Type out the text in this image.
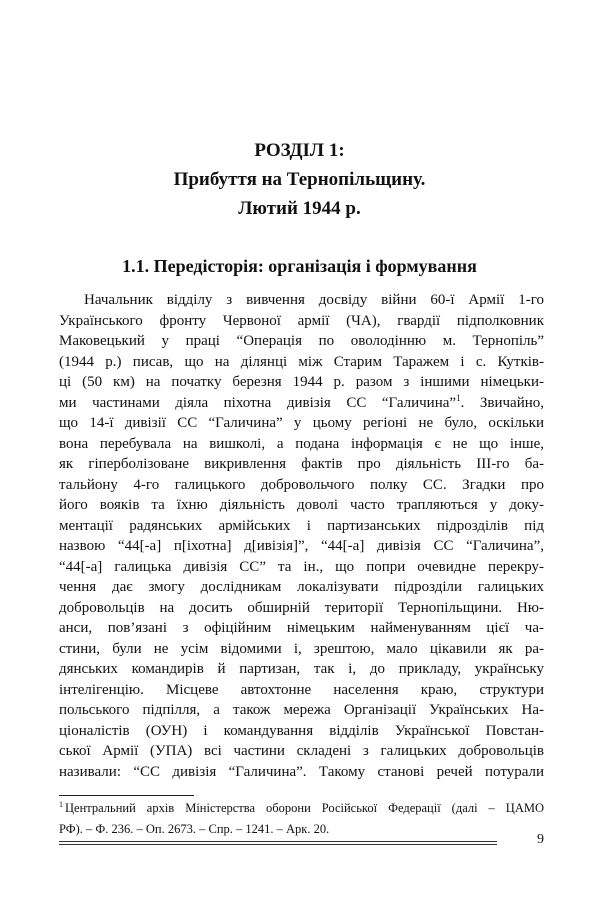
РОЗДІЛ 1:
Прибуття на Тернопільщину.
Лютий 1944 р.
1.1. Передісторія: організація і формування
Начальник відділу з вивчення досвіду війни 60-ї Армії 1-го
Українського фронту Червоної армії (ЧА), гвардії підполковник
Маковецький у праці “Операція по оволодінню м. Тернопіль”
(1944 р.) писав, що на ділянці між Старим Таражем і с. Кутків-
ці (50 км) на початку березня 1944 р. разом з іншими німецьки-
ми частинами діяла піхотна дивізія СС “Галичина”$^1$. Звичайно,
що 14-ї дивізії СС “Галичина” у цьому регіоні не було, оскільки
вона перебувала на вишколі, а подана інформація є не що інше,
як гіперболізоване викривлення фактів про діяльність ІІІ-го ба-
тальйону 4-го галицького добровольчого полку СС. Згадки про
його вояків та їхню діяльність доволі часто трапляються у доку-
ментації радянських армійських і партизанських підрозділів під
назвою “44[-а] п[іхотна] д[ивізія]”, “44[-а] дивізія СС “Галичина”,
“44[-а] галицька дивізія СС” та ін., що попри очевидне перекру-
чення дає змогу дослідникам локалізувати підрозділи галицьких
добровольців на досить обширній території Тернопільщини. Ню-
анси, пов’язані з офіційним німецьким найменуванням цієї ча-
стини, були не усім відомими і, зрештою, мало цікавили як ра-
дянських командирів й партизан, так і, до прикладу, українську
інтелігенцію. Місцеве автохтонне населення краю, структури
польського підпілля, а також мережа Організації Українських На-
ціоналістів (ОУН) і командування відділів Української Повстан-
ської Армії (УПА) всі частини складені з галицьких добровольців
називали: “СС дивізія “Галичина”. Такому станові речей потурали
$^1$ Центральний архів Міністерства оборони Російської Федерації (далі – ЦАМО
РФ). – Ф. 236. – Оп. 2673. – Спр. – 1241. – Арк. 20.
9
